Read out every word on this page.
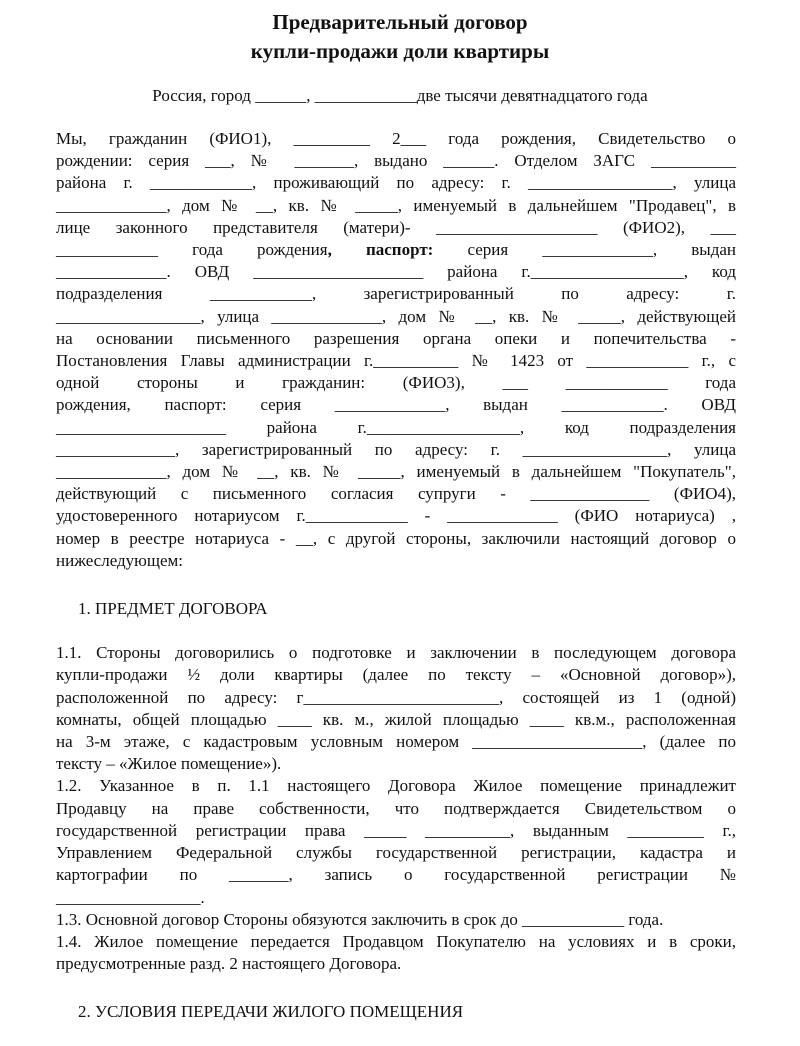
Предварительный договор
купли-продажи доли квартиры
Россия, город ______, ____________две тысячи девятнадцатого года
Мы, гражданин (ФИО1), _________ 2___ года рождения, Свидетельство о
рождении: серия ___, № _______, выдано ______. Отделом ЗАГС __________
района г. ____________, проживающий по адресу: г. _________________, улица
_____________, дом № __, кв. № _____, именуемый в дальнейшем "Продавец", в
лице законного представителя (матери)- ___________________ (ФИО2), ___
____________ года рождения, паспорт: серия _____________, выдан
_____________. ОВД ____________________ района г.__________________, код
подразделения ____________, зарегистрированный по адресу: г.
_________________, улица _____________, дом № __, кв. № _____, действующей
на основании письменного разрешения органа опеки и попечительства -
Постановления Главы администрации г.__________ № 1423 от ____________ г., с
одной стороны и гражданин: (ФИО3), ___ ____________ года
рождения, паспорт: серия _____________, выдан ____________. ОВД
____________________ района г.__________________, код подразделения
______________, зарегистрированный по адресу: г. _________________, улица
_____________, дом № __, кв. № _____, именуемый в дальнейшем "Покупатель",
действующий с письменного согласия супруги - ______________ (ФИО4),
удостоверенного нотариусом г.____________ - _____________ (ФИО нотариуса) ,
номер в реестре нотариуса - __, с другой стороны, заключили настоящий договор о
нижеследующем:
1. ПРЕДМЕТ ДОГОВОРА
1.1. Стороны договорились о подготовке и заключении в последующем договора
купли-продажи ½ доли квартиры (далее по тексту – «Основной договор»),
расположенной по адресу: г_______________________, состоящей из 1 (одной)
комнаты, общей площадью ____ кв. м., жилой площадью ____ кв.м., расположенная
на 3-м этаже, с кадастровым условным номером ____________________, (далее по
тексту – «Жилое помещение»).
1.2. Указанное в п. 1.1 настоящего Договора Жилое помещение принадлежит
Продавцу на праве собственности, что подтверждается Свидетельством о
государственной регистрации права _____ __________, выданным _________ г.,
Управлением Федеральной службы государственной регистрации, кадастра и
картографии по _______, запись о государственной регистрации №
_________________.
1.3. Основной договор Стороны обязуются заключить в срок до ____________ года.
1.4. Жилое помещение передается Продавцом Покупателю на условиях и в сроки,
предусмотренные разд. 2 настоящего Договора.
2. УСЛОВИЯ ПЕРЕДАЧИ ЖИЛОГО ПОМЕЩЕНИЯ
